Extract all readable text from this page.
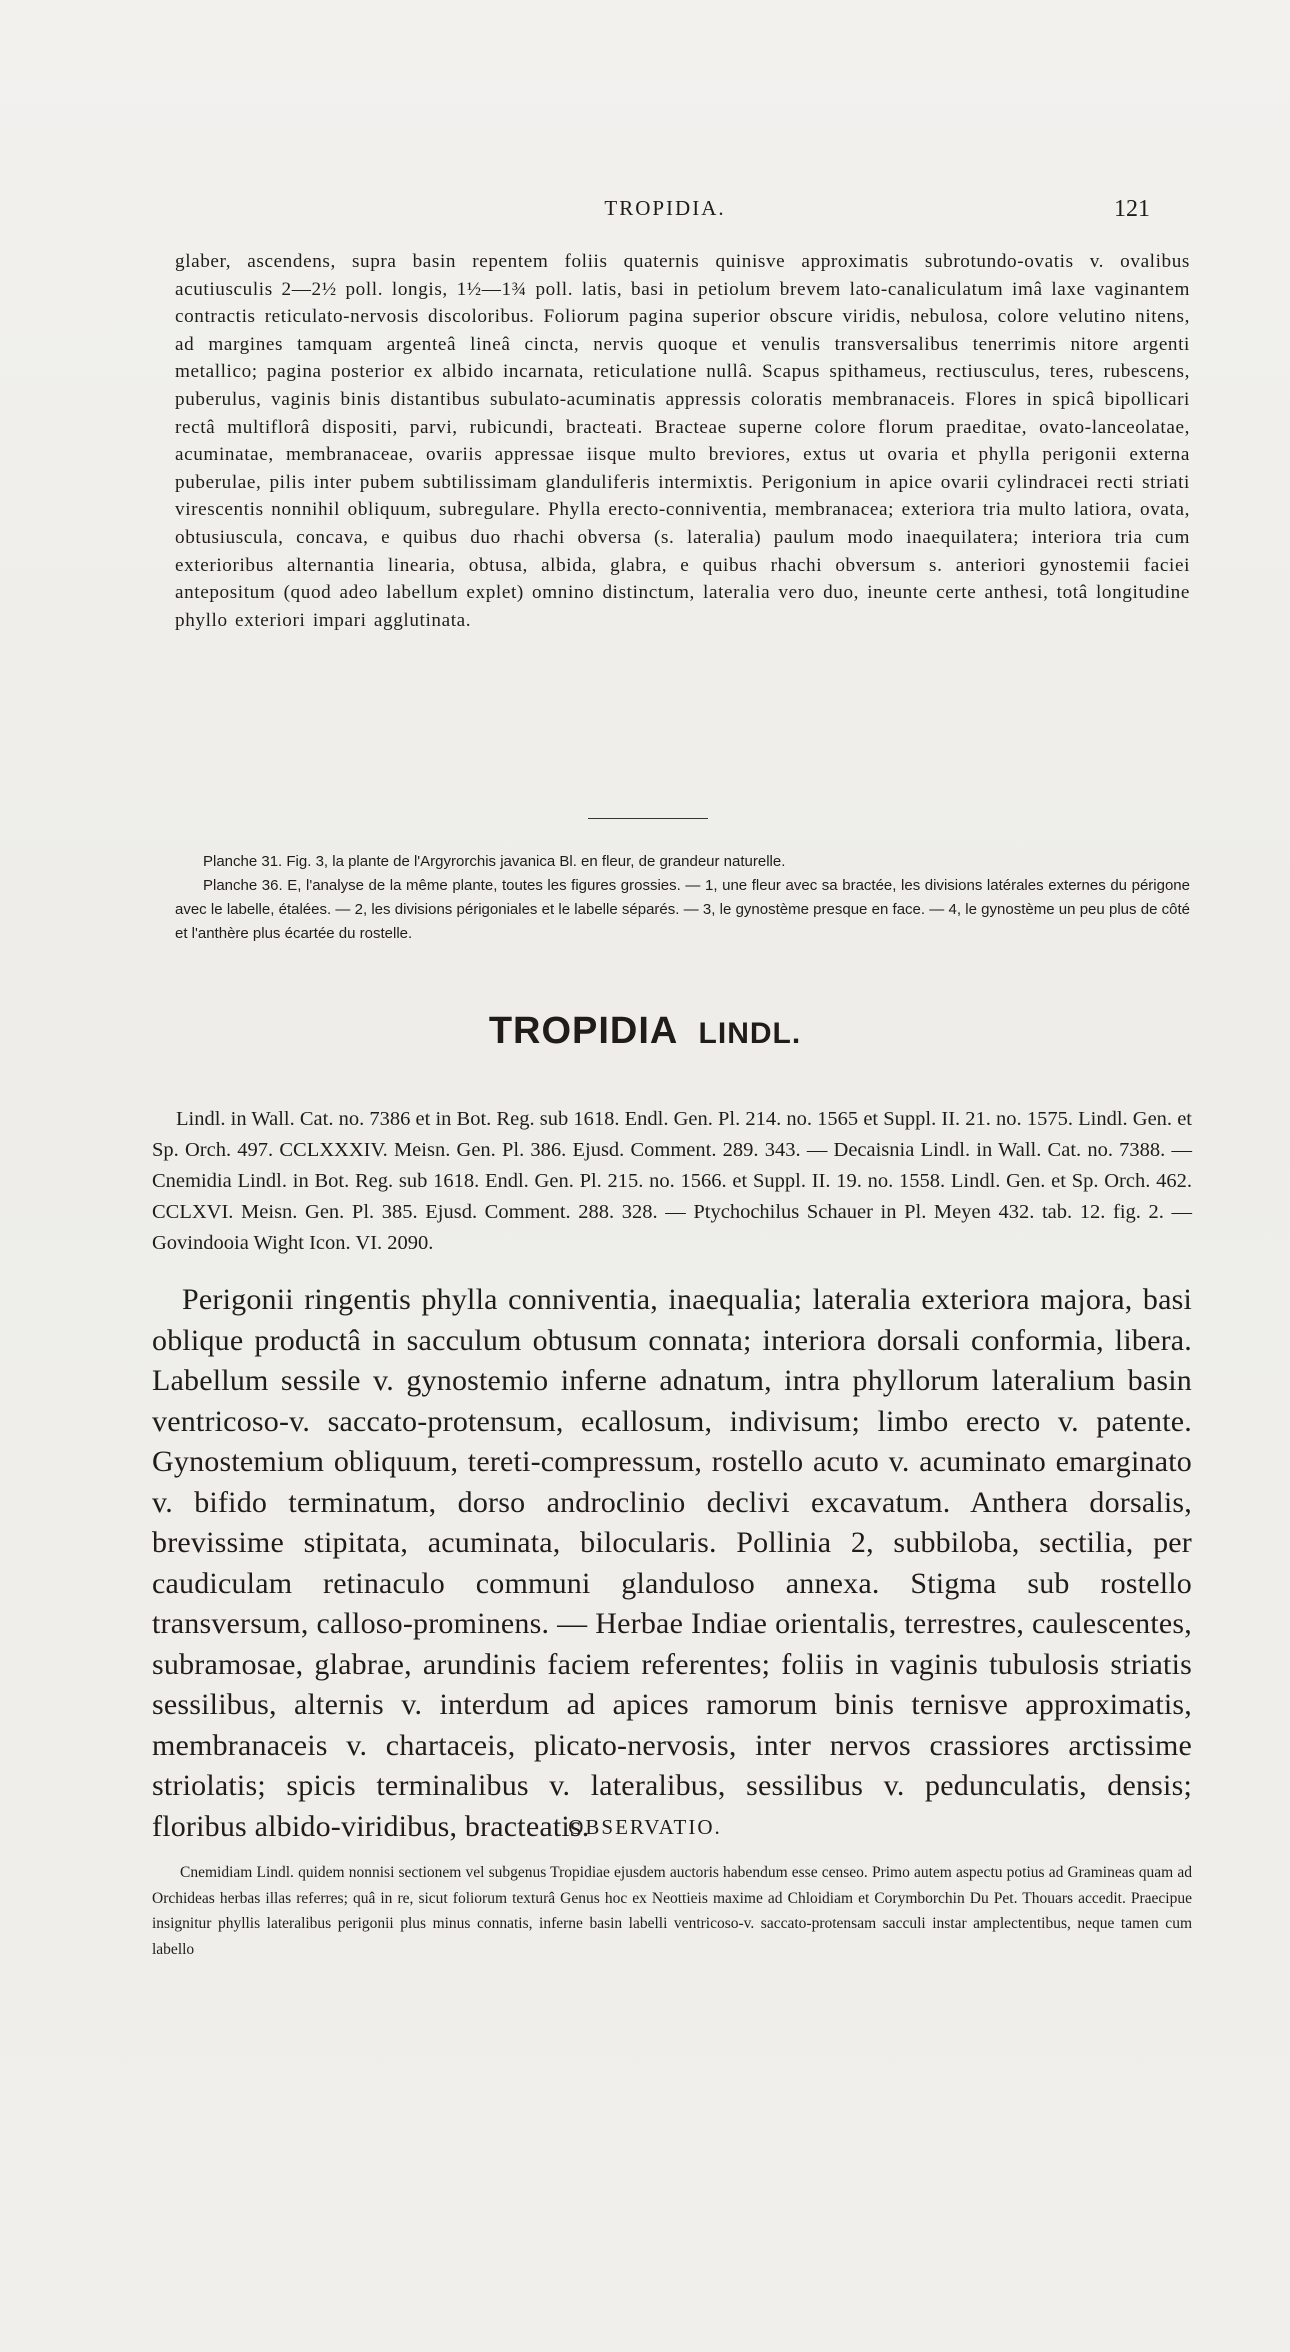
TROPIDIA.	121
glaber, ascendens, supra basin repentem foliis quaternis quinisve approximatis subrotundo-ovatis v. ovalibus acutiusculis 2—2½ poll. longis, 1½—1¾ poll. latis, basi in petiolum brevem lato-canaliculatum imâ laxe vaginantem contractis reticulato-nervosis discoloribus. Foliorum pagina superior obscure viridis, nebulosa, colore velutino nitens, ad margines tamquam argenteâ lineâ cincta, nervis quoque et venulis transversalibus tenerrimis nitore argenti metallico; pagina posterior ex albido incarnata, reticulatione nullâ. Scapus spithameus, rectiusculus, teres, rubescens, puberulus, vaginis binis distantibus subulato-acuminatis appressis coloratis membranaceis. Flores in spicâ bipollicari rectâ multiflorâ dispositi, parvi, rubicundi, bracteati. Bracteae superne colore florum praeditae, ovato-lanceolatae, acuminatae, membranaceae, ovariis appressae iisque multo breviores, extus ut ovaria et phylla perigonii externa puberulae, pilis inter pubem subtilissimam glanduliferis intermixtis. Perigonium in apice ovarii cylindracei recti striati virescentis nonnihil obliquum, subregulare. Phylla erecto-conniventia, membranacea; exteriora tria multo latiora, ovata, obtusiuscula, concava, e quibus duo rhachi obversa (s. lateralia) paulum modo inaequilatera; interiora tria cum exterioribus alternantia linearia, obtusa, albida, glabra, e quibus rhachi obversum s. anteriori gynostemii faciei antepositum (quod adeo labellum explet) omnino distinctum, lateralia vero duo, ineunte certe anthesi, totâ longitudine phyllo exteriori impari agglutinata.

Planche 31. Fig. 3, la plante de l'Argyrorchis javanica Bl. en fleur, de grandeur naturelle.

Planche 36. E, l'analyse de la même plante, toutes les figures grossies. — 1, une fleur avec sa bractée, les divisions latérales externes du périgone avec le labelle, étalées. — 2, les divisions périgoniales et le labelle séparés. — 3, le gynostème presque en face. — 4, le gynostème un peu plus de côté et l'anthère plus écartée du rostelle.

TROPIDIA LINDL.

Lindl. in Wall. Cat. no. 7386 et in Bot. Reg. sub 1618. Endl. Gen. Pl. 214. no. 1565 et Suppl. II. 21. no. 1575. Lindl. Gen. et Sp. Orch. 497. CCLXXXIV. Meisn. Gen. Pl. 386. Ejusd. Comment. 289. 343. — Decaisnia Lindl. in Wall. Cat. no. 7388. — Cnemidia Lindl. in Bot. Reg. sub 1618. Endl. Gen. Pl. 215. no. 1566. et Suppl. II. 19. no. 1558. Lindl. Gen. et Sp. Orch. 462. CCLXVI. Meisn. Gen. Pl. 385. Ejusd. Comment. 288. 328. — Ptychochilus Schauer in Pl. Meyen 432. tab. 12. fig. 2. — Govindooia Wight Icon. VI. 2090.

Perigonii ringentis phylla conniventia, inaequalia; lateralia exteriora majora, basi oblique productâ in sacculum obtusum connata; interiora dorsali conformia, libera. Labellum sessile v. gynostemio inferne adnatum, intra phyllorum lateralium basin ventricoso-v. saccato-protensum, ecallosum, indivisum; limbo erecto v. patente. Gynostemium obliquum, tereti-compressum, rostello acuto v. acuminato emarginato v. bifido terminatum, dorso androclinio declivi excavatum. Anthera dorsalis, brevissime stipitata, acuminata, bilocularis. Pollinia 2, subbiloba, sectilia, per caudiculam retinaculo communi glanduloso annexa. Stigma sub rostello transversum, calloso-prominens. — Herbae Indiae orientalis, terrestres, caulescentes, subramosae, glabrae, arundinis faciem referentes; foliis in vaginis tubulosis striatis sessilibus, alternis v. interdum ad apices ramorum binis ternisve approximatis, membranaceis v. chartaceis, plicato-nervosis, inter nervos crassiores arctissime striolatis; spicis terminalibus v. lateralibus, sessilibus v. pedunculatis, densis; floribus albido-viridibus, bracteatis.

OBSERVATIO.

Cnemidiam Lindl. quidem nonnisi sectionem vel subgenus Tropidiae ejusdem auctoris habendum esse censeo. Primo autem aspectu potius ad Gramineas quam ad Orchideas herbas illas referres; quâ in re, sicut foliorum texturâ Genus hoc ex Neottieis maxime ad Chloidiam et Corymborchin Du Pet. Thouars accedit. Praecipue insignitur phyllis lateralibus perigonii plus minus connatis, inferne basin labelli ventricoso-v. saccato-protensam sacculi instar amplectentibus, neque tamen cum labello
